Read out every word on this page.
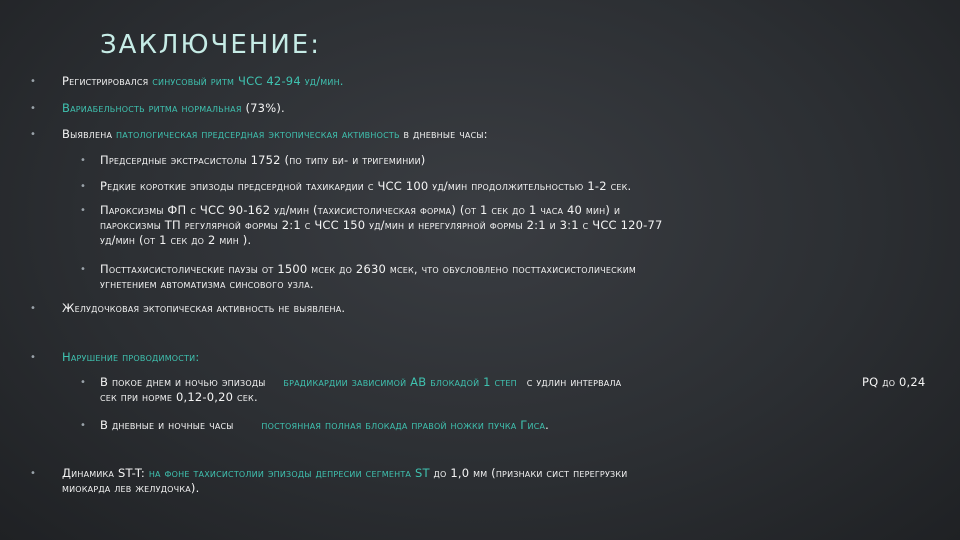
ЗАКЛЮЧЕНИЕ:
• Регистрировался синусовый ритм ЧСС 42-94 уд/мин.
• Вариабельность ритма нормальная (73%).
• Выявлена патологическая предсердная эктопическая активность в дневные часы:
• Предсердные экстрасистолы 1752 (по типу би- и тригеминии)
• Редкие короткие эпизоды предсердной тахикардии с ЧСС 100 уд/мин продолжительностью 1-2 сек.
• Пароксизмы ФП с ЧСС 90-162 уд/мин (тахисистолическая форма) (от 1 сек до 1 часа 40 мин) и
пароксизмы ТП регулярной формы 2:1 с ЧСС 150 уд/мин и нерегулярной формы 2:1 и 3:1 с ЧСС 120-77
уд/мин (от 1 сек до 2 мин ).
• Посттахисистолические паузы от 1500 мсек до 2630 мсек, что обусловлено посттахисистолическим
угнетением автоматизма синсового узла.
• Желудочковая эктопическая активность не выявлена.
• Нарушение проводимости:
• В покое днем и ночью эпизоды брадикардии зависимой АВ блокадой 1 степ с удлин интервала	PQ до 0,24
сек при норме 0,12-0,20 сек.
• В дневные и ночные часы постоянная полная блокада правой ножки пучка Гиса.
• Динамика ST-T: на фоне тахисистолии эпизоды депресии сегмента ST до 1,0 мм (признаки сист перегрузки
миокарда лев желудочка).
